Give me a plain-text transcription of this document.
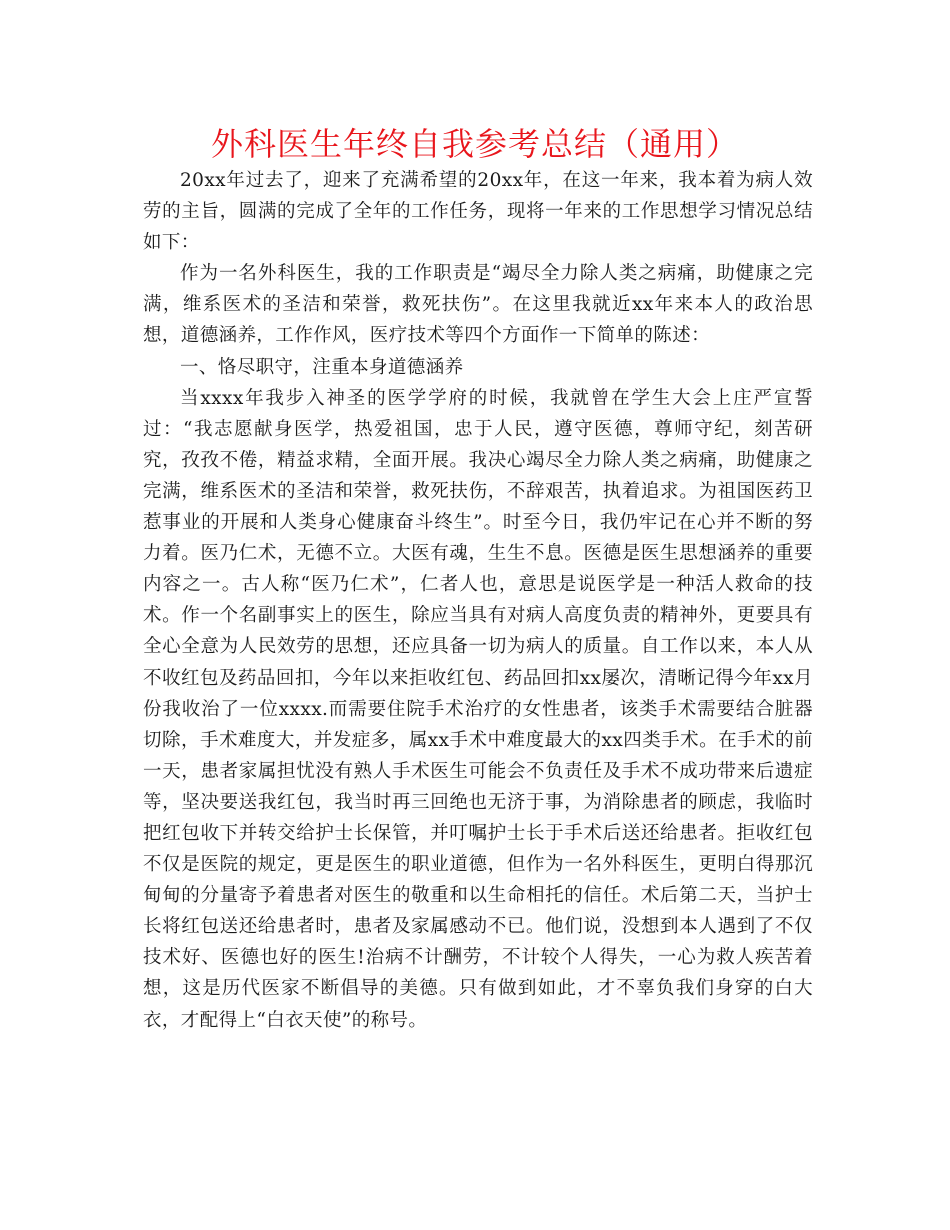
外科医生年终自我参考总结（通用）

20xx年过去了，迎来了充满希望的20xx年，在这一年来，我本着为病人效劳的主旨，圆满的完成了全年的工作任务，现将一年来的工作思想学习情况总结如下：

作为一名外科医生，我的工作职责是“竭尽全力除人类之病痛，助健康之完满，维系医术的圣洁和荣誉，救死扶伤”。在这里我就近xx年来本人的政治思想，道德涵养，工作作风，医疗技术等四个方面作一下简单的陈述：

一、恪尽职守，注重本身道德涵养

当xxxx年我步入神圣的医学学府的时候，我就曾在学生大会上庄严宣誓过：“我志愿献身医学，热爱祖国，忠于人民，遵守医德，尊师守纪，刻苦研究，孜孜不倦，精益求精，全面开展。我决心竭尽全力除人类之病痛，助健康之完满，维系医术的圣洁和荣誉，救死扶伤，不辞艰苦，执着追求。为祖国医药卫惹事业的开展和人类身心健康奋斗终生”。时至今日，我仍牢记在心并不断的努力着。医乃仁术，无德不立。大医有魂，生生不息。医德是医生思想涵养的重要内容之一。古人称“医乃仁术”，仁者人也，意思是说医学是一种活人救命的技术。作一个名副事实上的医生，除应当具有对病人高度负责的精神外，更要具有全心全意为人民效劳的思想，还应具备一切为病人的质量。自工作以来，本人从不收红包及药品回扣，今年以来拒收红包、药品回扣xx屡次，清晰记得今年xx月份我收治了一位xxxx.而需要住院手术治疗的女性患者，该类手术需要结合脏器切除，手术难度大，并发症多，属xx手术中难度最大的xx四类手术。在手术的前一天，患者家属担忧没有熟人手术医生可能会不负责任及手术不成功带来后遗症等，坚决要送我红包，我当时再三回绝也无济于事，为消除患者的顾虑，我临时把红包收下并转交给护士长保管，并叮嘱护士长于手术后送还给患者。拒收红包不仅是医院的规定，更是医生的职业道德，但作为一名外科医生，更明白得那沉甸甸的分量寄予着患者对医生的敬重和以生命相托的信任。术后第二天，当护士长将红包送还给患者时，患者及家属感动不已。他们说，没想到本人遇到了不仅技术好、医德也好的医生!治病不计酬劳，不计较个人得失，一心为救人疾苦着想，这是历代医家不断倡导的美德。只有做到如此，才不辜负我们身穿的白大衣，才配得上“白衣天使”的称号。
